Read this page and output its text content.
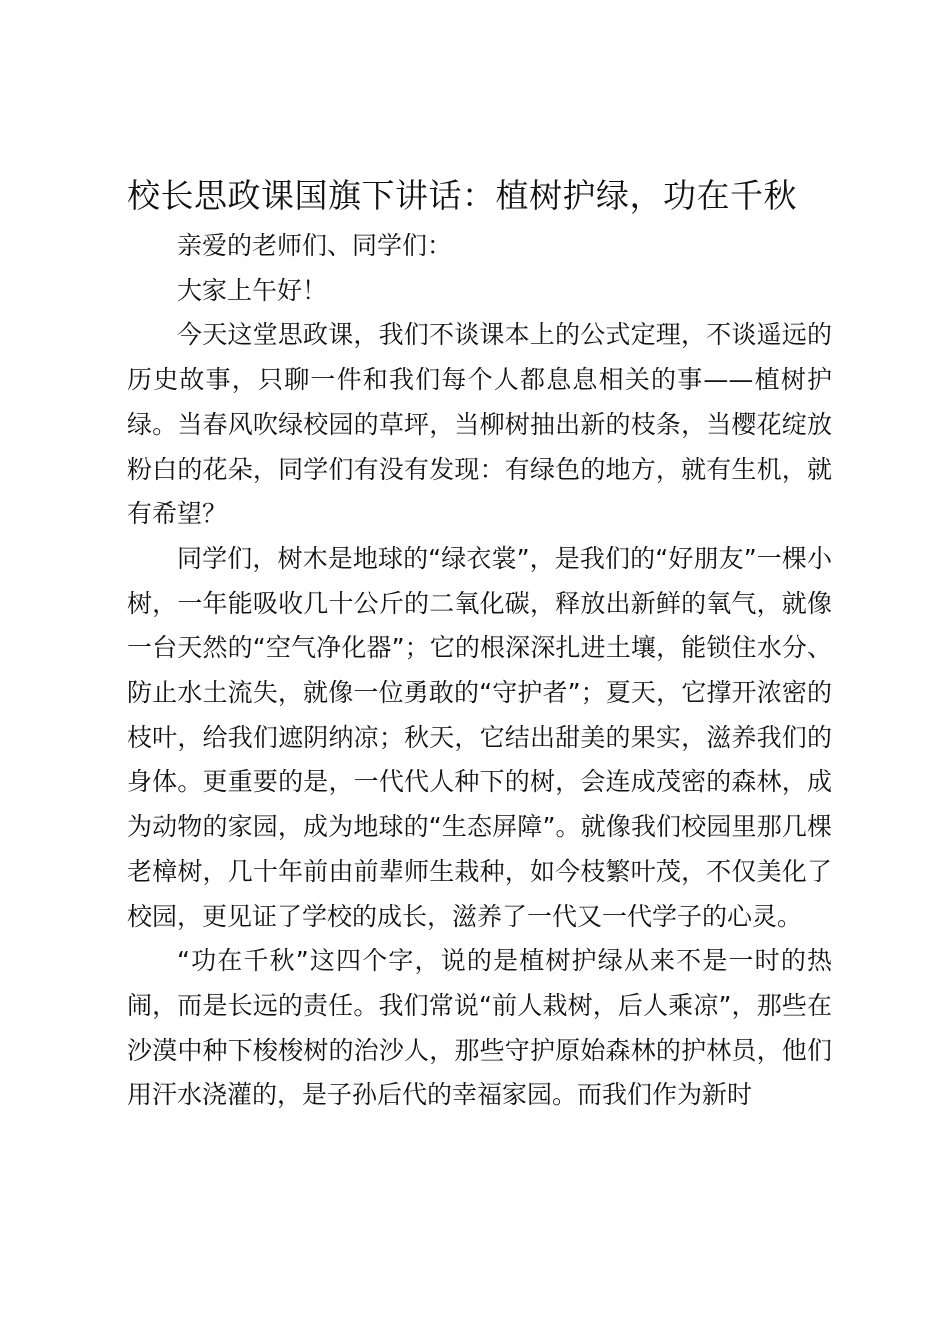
校长思政课国旗下讲话：植树护绿，功在千秋

亲爱的老师们、同学们：

大家上午好！

今天这堂思政课，我们不谈课本上的公式定理，不谈遥远的历史故事，只聊一件和我们每个人都息息相关的事——植树护绿。当春风吹绿校园的草坪，当柳树抽出新的枝条，当樱花绽放粉白的花朵，同学们有没有发现：有绿色的地方，就有生机，就有希望？

同学们，树木是地球的“绿衣裳”，是我们的“好朋友”一棵小树，一年能吸收几十公斤的二氧化碳，释放出新鲜的氧气，就像一台天然的“空气净化器”；它的根深深扎进土壤，能锁住水分、防止水土流失，就像一位勇敢的“守护者”；夏天，它撑开浓密的枝叶，给我们遮阴纳凉；秋天，它结出甜美的果实，滋养我们的身体。更重要的是，一代代人种下的树，会连成茂密的森林，成为动物的家园，成为地球的“生态屏障”。就像我们校园里那几棵老樟树，几十年前由前辈师生栽种，如今枝繁叶茂，不仅美化了校园，更见证了学校的成长，滋养了一代又一代学子的心灵。

“功在千秋”这四个字，说的是植树护绿从来不是一时的热闹，而是长远的责任。我们常说“前人栽树，后人乘凉”，那些在沙漠中种下梭梭树的治沙人，那些守护原始森林的护林员，他们用汗水浇灌的，是子孙后代的幸福家园。而我们作为新时
